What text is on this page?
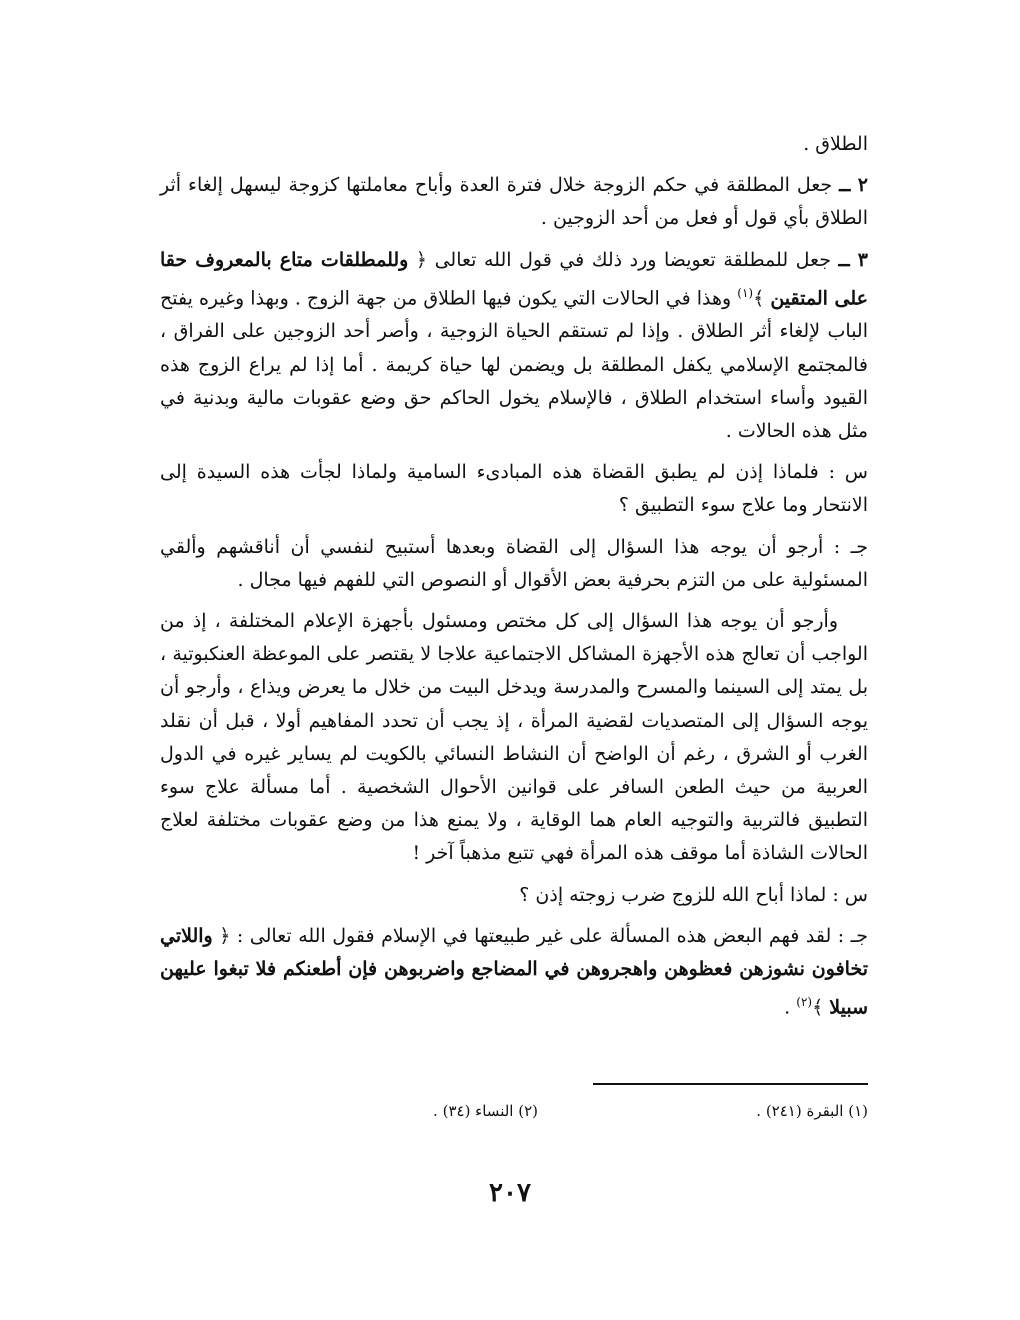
الطلاق .

٢ ــ جعل المطلقة في حكم الزوجة خلال فترة العدة وأباح معاملتها كزوجة ليسهل إلغاء أثر الطلاق بأي قول أو فعل من أحد الزوجين .

٣ ــ جعل للمطلقة تعويضا ورد ذلك في قول الله تعالى ﴿ وللمطلقات متاع بالمعروف حقا على المتقين ﴾$^{(١)}$ وهذا في الحالات التي يكون فيها الطلاق من جهة الزوج . وبهذا وغيره يفتح الباب لإلغاء أثر الطلاق . وإذا لم تستقم الحياة الزوجية ، وأصر أحد الزوجين على الفراق ، فالمجتمع الإسلامي يكفل المطلقة بل ويضمن لها حياة كريمة . أما إذا لم يراع الزوج هذه القيود وأساء استخدام الطلاق ، فالإسلام يخول الحاكم حق وضع عقوبات مالية وبدنية في مثل هذه الحالات .

س : فلماذا إذن لم يطبق القضاة هذه المبادىء السامية ولماذا لجأت هذه السيدة إلى الانتحار وما علاج سوء التطبيق ؟

جـ : أرجو أن يوجه هذا السؤال إلى القضاة وبعدها أستبيح لنفسي أن أناقشهم وألقي المسئولية على من التزم بحرفية بعض الأقوال أو النصوص التي للفهم فيها مجال .

وأرجو أن يوجه هذا السؤال إلى كل مختص ومسئول بأجهزة الإعلام المختلفة ، إذ من الواجب أن تعالج هذه الأجهزة المشاكل الاجتماعية علاجا لا يقتصر على الموعظة العنكبوتية ، بل يمتد إلى السينما والمسرح والمدرسة ويدخل البيت من خلال ما يعرض ويذاع ، وأرجو أن يوجه السؤال إلى المتصديات لقضية المرأة ، إذ يجب أن تحدد المفاهيم أولا ، قبل أن نقلد الغرب أو الشرق ، رغم أن الواضح أن النشاط النسائي بالكويت لم يساير غيره في الدول العربية من حيث الطعن السافر على قوانين الأحوال الشخصية . أما مسألة علاج سوء التطبيق فالتربية والتوجيه العام هما الوقاية ، ولا يمنع هذا من وضع عقوبات مختلفة لعلاج الحالات الشاذة أما موقف هذه المرأة فهي تتبع مذهباً آخر !

س : لماذا أباح الله للزوج ضرب زوجته إذن ؟

جـ : لقد فهم البعض هذه المسألة على غير طبيعتها في الإسلام فقول الله تعالى : ﴿ واللاتي تخافون نشوزهن فعظوهن واهجروهن في المضاجع واضربوهن فإن أطعنكم فلا تبغوا عليهن سبيلا ﴾$^{(٢)}$ .

(١) البقرة (٢٤١) .
(٢) النساء (٣٤) .
٢٠٧
